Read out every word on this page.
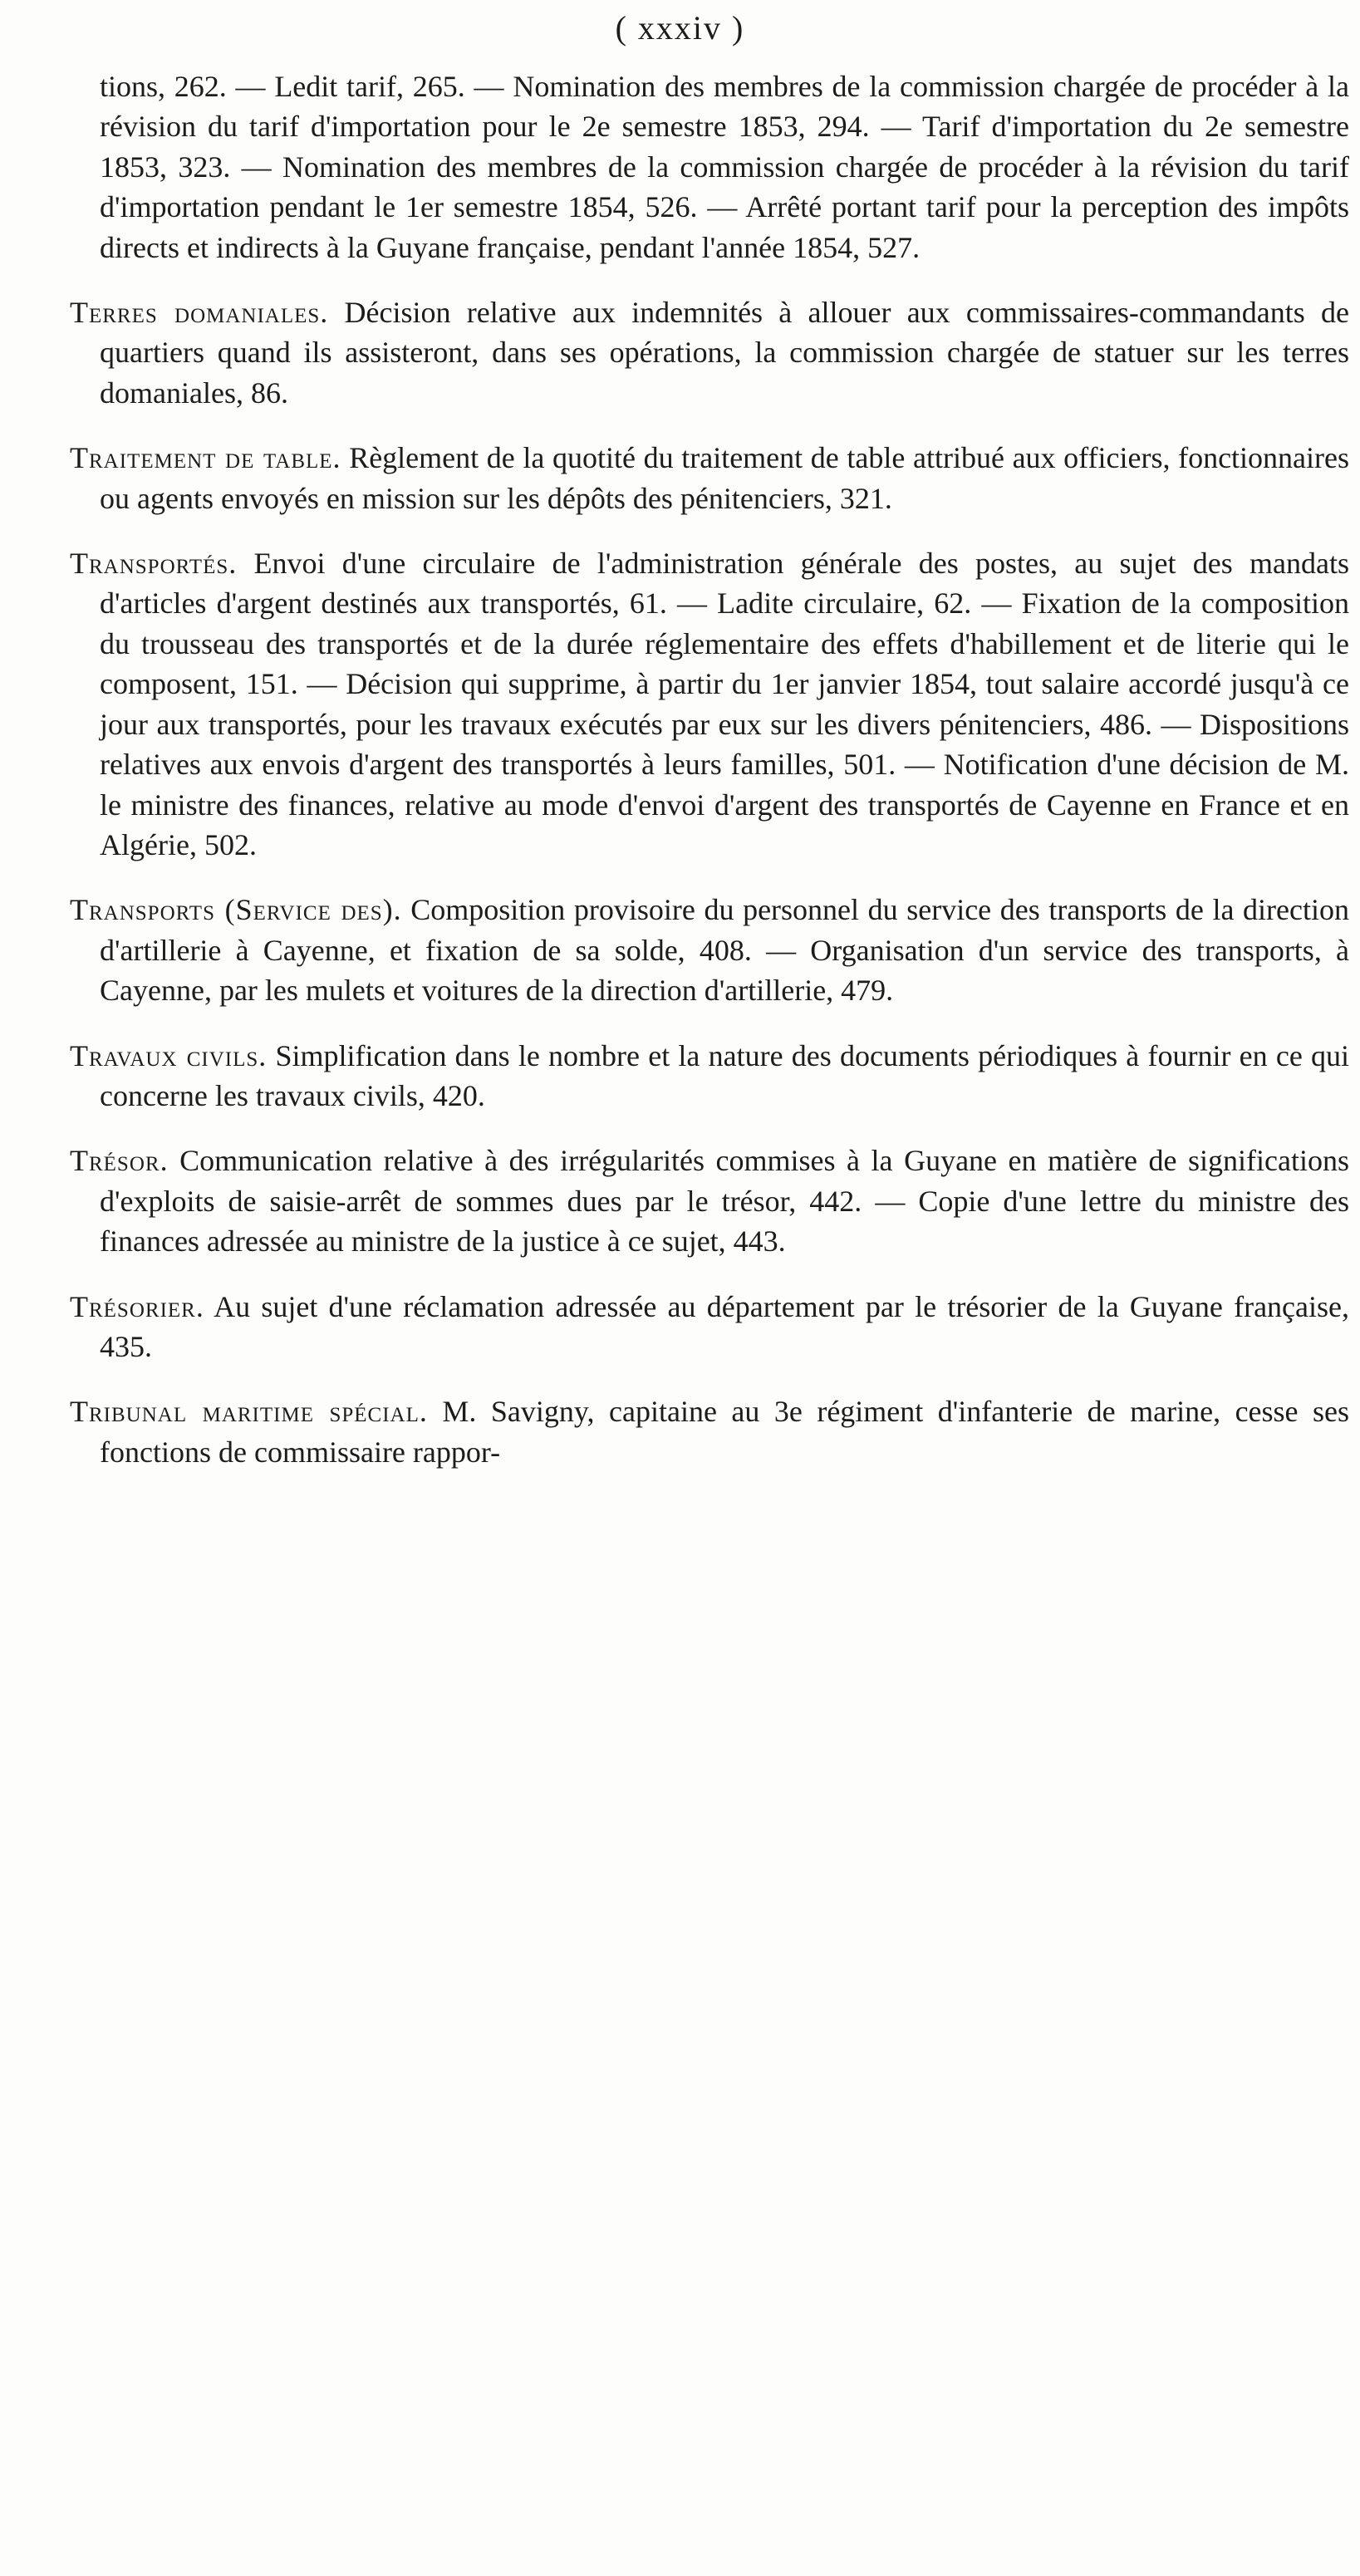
( xxxiv )

tions, 262. — Ledit tarif, 265. — Nomination des membres de la commission chargée de procéder à la révision du tarif d'importation pour le 2e semestre 1853, 294. — Tarif d'importation du 2e semestre 1853, 323. — Nomination des membres de la commission chargée de procéder à la révision du tarif d'importation pendant le 1er semestre 1854, 526. — Arrêté portant tarif pour la perception des impôts directs et indirects à la Guyane française, pendant l'année 1854, 527.

Terres domaniales. Décision relative aux indemnités à allouer aux commissaires-commandants de quartiers quand ils assisteront, dans ses opérations, la commission chargée de statuer sur les terres domaniales, 86.

Traitement de table. Règlement de la quotité du traitement de table attribué aux officiers, fonctionnaires ou agents envoyés en mission sur les dépôts des pénitenciers, 321.

Transportés. Envoi d'une circulaire de l'administration générale des postes, au sujet des mandats d'articles d'argent destinés aux transportés, 61. — Ladite circulaire, 62. — Fixation de la composition du trousseau des transportés et de la durée réglementaire des effets d'habillement et de literie qui le composent, 151. — Décision qui supprime, à partir du 1er janvier 1854, tout salaire accordé jusqu'à ce jour aux transportés, pour les travaux exécutés par eux sur les divers pénitenciers, 486. — Dispositions relatives aux envois d'argent des transportés à leurs familles, 501. — Notification d'une décision de M. le ministre des finances, relative au mode d'envoi d'argent des transportés de Cayenne en France et en Algérie, 502.

Transports (Service des). Composition provisoire du personnel du service des transports de la direction d'artillerie à Cayenne, et fixation de sa solde, 408. — Organisation d'un service des transports, à Cayenne, par les mulets et voitures de la direction d'artillerie, 479.

Travaux civils. Simplification dans le nombre et la nature des documents périodiques à fournir en ce qui concerne les travaux civils, 420.

Trésor. Communication relative à des irrégularités commises à la Guyane en matière de significations d'exploits de saisie-arrêt de sommes dues par le trésor, 442. — Copie d'une lettre du ministre des finances adressée au ministre de la justice à ce sujet, 443.

Trésorier. Au sujet d'une réclamation adressée au département par le trésorier de la Guyane française, 435.

Tribunal maritime spécial. M. Savigny, capitaine au 3e régiment d'infanterie de marine, cesse ses fonctions de commissaire rappor-
